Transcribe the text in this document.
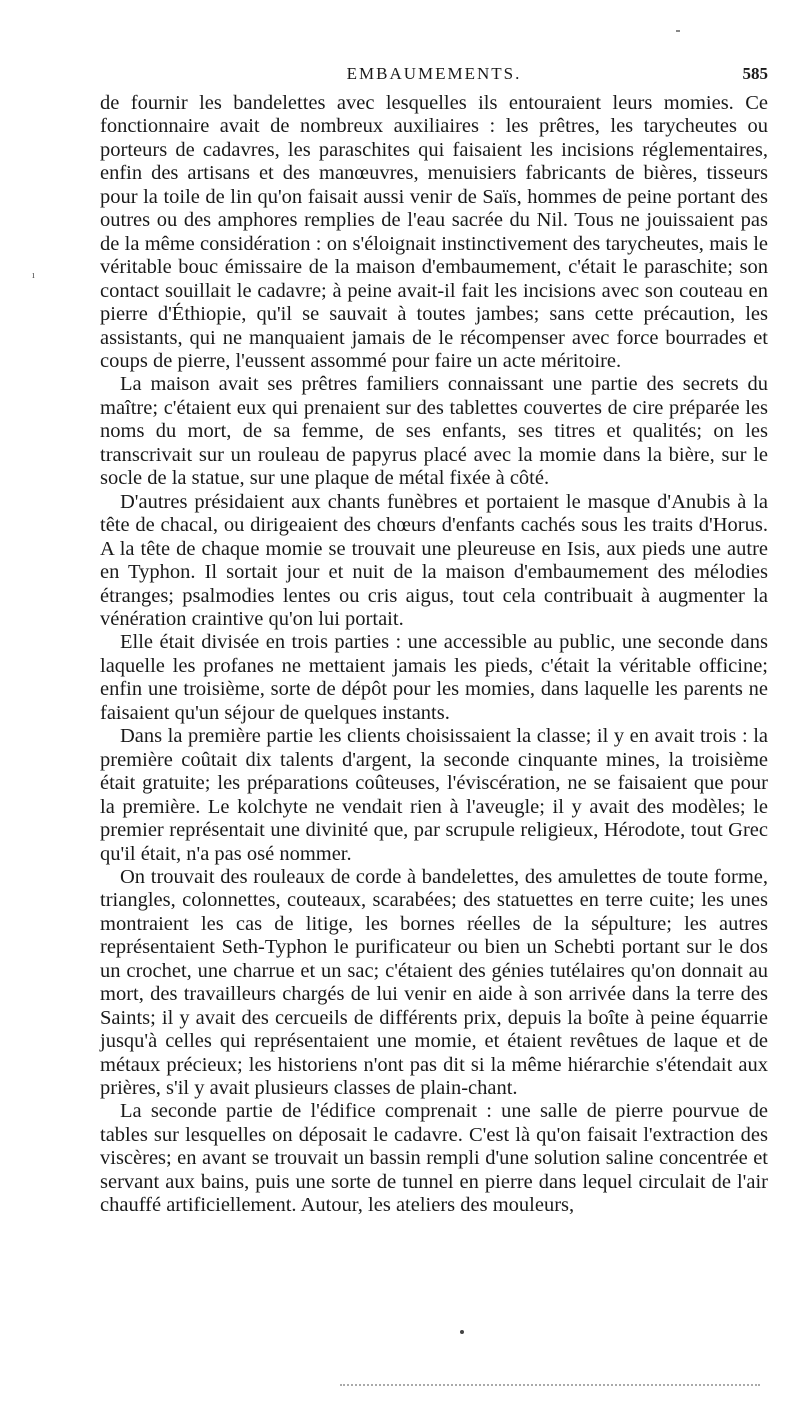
EMBAUMEMENTS.	585
ı

de fournir les bandelettes avec lesquelles ils entouraient leurs momies. Ce fonctionnaire avait de nombreux auxiliaires : les prêtres, les tarycheutes ou porteurs de cadavres, les paraschites qui faisaient les incisions réglementaires, enfin des artisans et des manœuvres, menuisiers fabricants de bières, tisseurs pour la toile de lin qu'on faisait aussi venir de Saïs, hommes de peine portant des outres ou des amphores remplies de l'eau sacrée du Nil. Tous ne jouissaient pas de la même considération : on s'éloignait instinctivement des tarycheutes, mais le véritable bouc émissaire de la maison d'embaumement, c'était le paraschite; son contact souillait le cadavre; à peine avait-il fait les incisions avec son couteau en pierre d'Éthiopie, qu'il se sauvait à toutes jambes; sans cette précaution, les assistants, qui ne manquaient jamais de le récompenser avec force bourrades et coups de pierre, l'eussent assommé pour faire un acte méritoire.

La maison avait ses prêtres familiers connaissant une partie des secrets du maître; c'étaient eux qui prenaient sur des tablettes couvertes de cire préparée les noms du mort, de sa femme, de ses enfants, ses titres et qualités; on les transcrivait sur un rouleau de papyrus placé avec la momie dans la bière, sur le socle de la statue, sur une plaque de métal fixée à côté.

D'autres présidaient aux chants funèbres et portaient le masque d'Anubis à la tête de chacal, ou dirigeaient des chœurs d'enfants cachés sous les traits d'Horus. A la tête de chaque momie se trouvait une pleureuse en Isis, aux pieds une autre en Typhon. Il sortait jour et nuit de la maison d'embaumement des mélodies étranges; psalmodies lentes ou cris aigus, tout cela contribuait à augmenter la vénération craintive qu'on lui portait.

Elle était divisée en trois parties : une accessible au public, une seconde dans laquelle les profanes ne mettaient jamais les pieds, c'était la véritable officine; enfin une troisième, sorte de dépôt pour les momies, dans laquelle les parents ne faisaient qu'un séjour de quelques instants.

Dans la première partie les clients choisissaient la classe; il y en avait trois : la première coûtait dix talents d'argent, la seconde cinquante mines, la troisième était gratuite; les préparations coûteuses, l'éviscération, ne se faisaient que pour la première. Le kolchyte ne vendait rien à l'aveugle; il y avait des modèles; le premier représentait une divinité que, par scrupule religieux, Hérodote, tout Grec qu'il était, n'a pas osé nommer.

On trouvait des rouleaux de corde à bandelettes, des amulettes de toute forme, triangles, colonnettes, couteaux, scarabées; des statuettes en terre cuite; les unes montraient les cas de litige, les bornes réelles de la sépulture; les autres représentaient Seth-Typhon le purificateur ou bien un Schebti portant sur le dos un crochet, une charrue et un sac; c'étaient des génies tutélaires qu'on donnait au mort, des travailleurs chargés de lui venir en aide à son arrivée dans la terre des Saints; il y avait des cercueils de différents prix, depuis la boîte à peine équarrie jusqu'à celles qui représentaient une momie, et étaient revêtues de laque et de métaux précieux; les historiens n'ont pas dit si la même hiérarchie s'étendait aux prières, s'il y avait plusieurs classes de plain-chant.

La seconde partie de l'édifice comprenait : une salle de pierre pourvue de tables sur lesquelles on déposait le cadavre. C'est là qu'on faisait l'extraction des viscères; en avant se trouvait un bassin rempli d'une solution saline concentrée et servant aux bains, puis une sorte de tunnel en pierre dans lequel circulait de l'air chauffé artificiellement. Autour, les ateliers des mouleurs,
